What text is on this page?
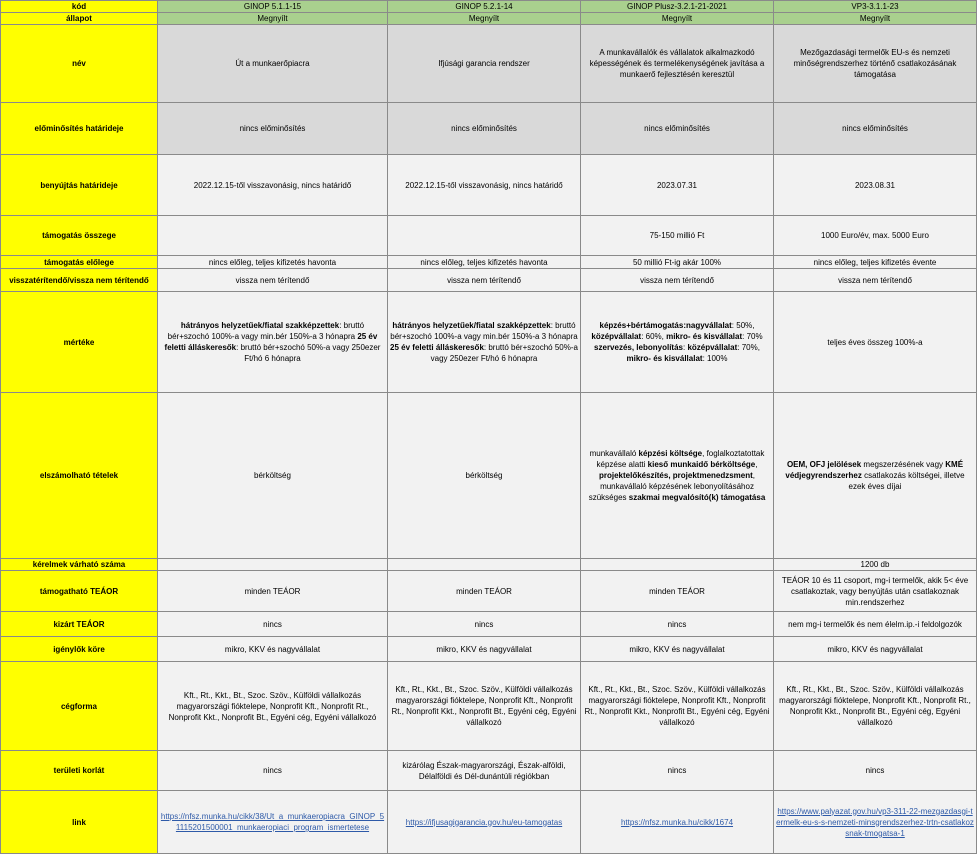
kód	GINOP 5.1.1-15	GINOP 5.2.1-14	GINOP Plusz-3.2.1-21-2021	VP3-3.1.1-23
állapot	Megnyílt	Megnyílt	Megnyílt	Megnyílt
név	Út a munkaerőpiacra	Ifjúsági garancia rendszer	A munkavállalók és vállalatok alkalmazkodó képességének és termelékenységének javítása a munkaerő fejlesztésén keresztül	Mezőgazdasági termelők EU-s és nemzeti minőségrendszerhez történő csatlakozásának támogatása
előminősítés határideje	nincs előminősítés	nincs előminősítés	nincs előminősítés	nincs előminősítés
benyújtás határideje	2022.12.15-től visszavonásig, nincs határidő	2022.12.15-től visszavonásig, nincs határidő	2023.07.31	2023.08.31
támogatás összege			75-150 millió Ft	1000 Euro/év, max. 5000 Euro
támogatás előlege	nincs előleg, teljes kifizetés havonta	nincs előleg, teljes kifizetés havonta	50 millió Ft-ig akár 100%	nincs előleg, teljes kifizetés évente
visszatérítendő/vissza nem térítendő	vissza nem térítendő	vissza nem térítendő	vissza nem térítendő	vissza nem térítendő
mértéke	hátrányos helyzetűek/fiatal szakképzettek: bruttó bér+szochó 100%-a vagy min.bér 150%-a 3 hónapra 25 év feletti álláskeresők: bruttó bér+szochó 50%-a vagy 250ezer Ft/hó 6 hónapra	hátrányos helyzetűek/fiatal szakképzettek: bruttó bér+szochó 100%-a vagy min.bér 150%-a 3 hónapra 25 év feletti álláskeresők: bruttó bér+szochó 50%-a vagy 250ezer Ft/hó 6 hónapra	képzés+bértámogatás:nagyvállalat: 50%, középvállalat: 60%, mikro- és kisvállalat: 70% szervezés, lebonyolítás: középvállalat: 70%, mikro- és kisvállalat: 100%	teljes éves összeg 100%-a
elszámolható tételek	bérköltség	bérköltség	munkavállaló képzési költsége, foglalkoztatottak képzése alatti kieső munkaidő bérköltsége, projektelőkészítés, projektmenedzsment, munkavállaló képzésének lebonyolításához szükséges szakmai megvalósító(k) támogatása	OEM, OFJ jelölések megszerzésének vagy KMÉ védjegyrendszerhez csatlakozás költségei, illetve ezek éves díjai
kérelmek várható száma				1200 db
támogatható TEÁOR	minden TEÁOR	minden TEÁOR	minden TEÁOR	TEÁOR 10 és 11 csoport, mg-i termelők, akik 5< éve csatlakoztak, vagy benyújtás után csatlakoznak min.rendszerhez
kizárt TEÁOR	nincs	nincs	nincs	nem mg-i termelők és nem élelm.ip.-i feldolgozók
igénylők köre	mikro, KKV és nagyvállalat	mikro, KKV és nagyvállalat	mikro, KKV és nagyvállalat	mikro, KKV és nagyvállalat
cégforma	Kft., Rt., Kkt., Bt., Szoc. Szöv., Külföldi vállalkozás magyarországi fióktelepe, Nonprofit Kft., Nonprofit Rt., Nonprofit Kkt., Nonprofit Bt., Egyéni cég, Egyéni vállalkozó	Kft., Rt., Kkt., Bt., Szoc. Szöv., Külföldi vállalkozás magyarországi fióktelepe, Nonprofit Kft., Nonprofit Rt., Nonprofit Kkt., Nonprofit Bt., Egyéni cég, Egyéni vállalkozó	Kft., Rt., Kkt., Bt., Szoc. Szöv., Külföldi vállalkozás magyarországi fióktelepe, Nonprofit Kft., Nonprofit Rt., Nonprofit Kkt., Nonprofit Bt., Egyéni cég, Egyéni vállalkozó	Kft., Rt., Kkt., Bt., Szoc. Szöv., Külföldi vállalkozás magyarországi fióktelepe, Nonprofit Kft., Nonprofit Rt., Nonprofit Kkt., Nonprofit Bt., Egyéni cég, Egyéni vállalkozó
területi korlát	nincs	kizárólag Észak-magyarországi, Észak-alföldi, Délalföldi és Dél-dunántúli régiókban	nincs	nincs
link	https://nfsz.munka.hu/cikk/38/Ut_a_munkaeropiacra_GINOP_51115201500001_munkaeropiaci_program_ismertetese	https://ifjusagigarancia.gov.hu/eu-tamogatas	https://nfsz.munka.hu/cikk/1674	https://www.palyazat.gov.hu/vp3-311-22-mezgazdasgi-termelk-eu-s-s-nemzeti-minsgrendszerhez-trtn-csatlakozsnak-tmogatsa-1
